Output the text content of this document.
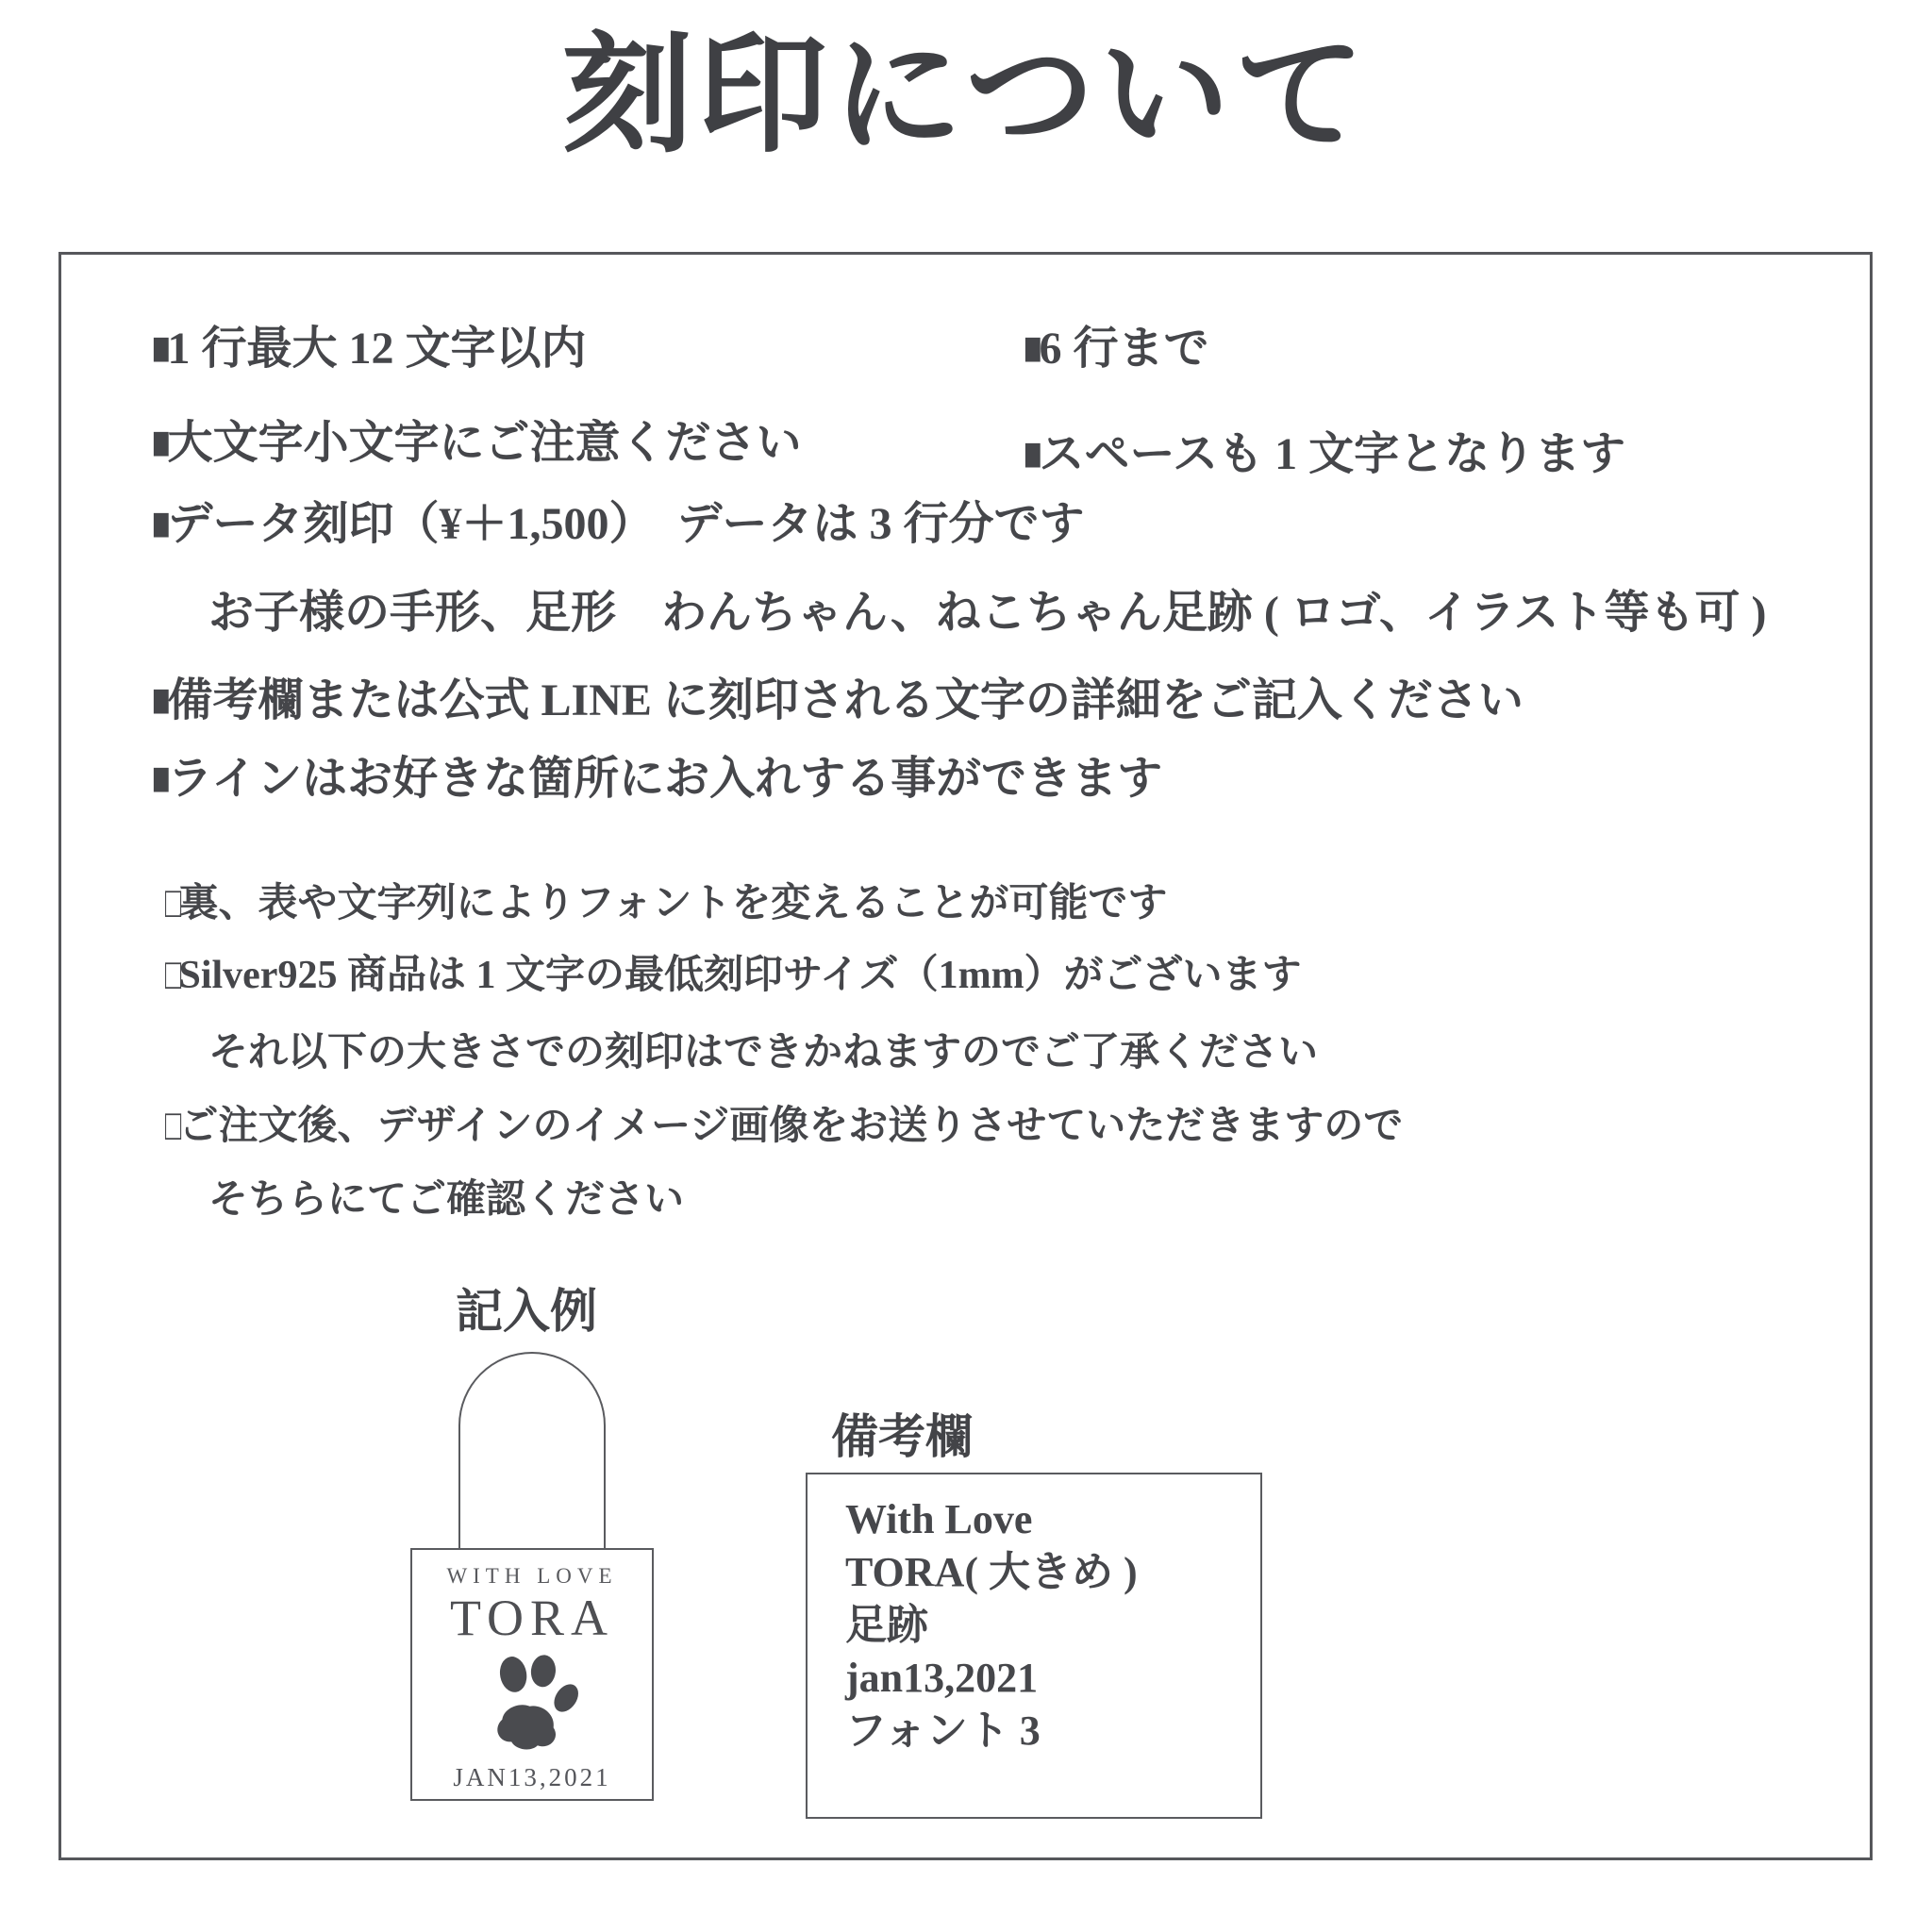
刻印について
■1 行最大 12 文字以内	■6 行まで
■大文字小文字にご注意ください	■スペースも 1 文字となります
■データ刻印（¥＋1,500）　データは 3 行分です
お子様の手形、足形　わんちゃん、ねこちゃん足跡 ( ロゴ、イラスト等も可 )
■備考欄または公式 LINE に刻印される文字の詳細をご記入ください
■ラインはお好きな箇所にお入れする事ができます
□裏、表や文字列によりフォントを変えることが可能です
□Silver925 商品は 1 文字の最低刻印サイズ（1mm）がございます
それ以下の大きさでの刻印はできかねますのでご了承ください
□ご注文後、デザインのイメージ画像をお送りさせていただきますので
そちらにてご確認ください
記入例
WITH LOVE
TORA
JAN13,2021
備考欄
With Love
TORA( 大きめ )
足跡
jan13,2021
フォント 3
